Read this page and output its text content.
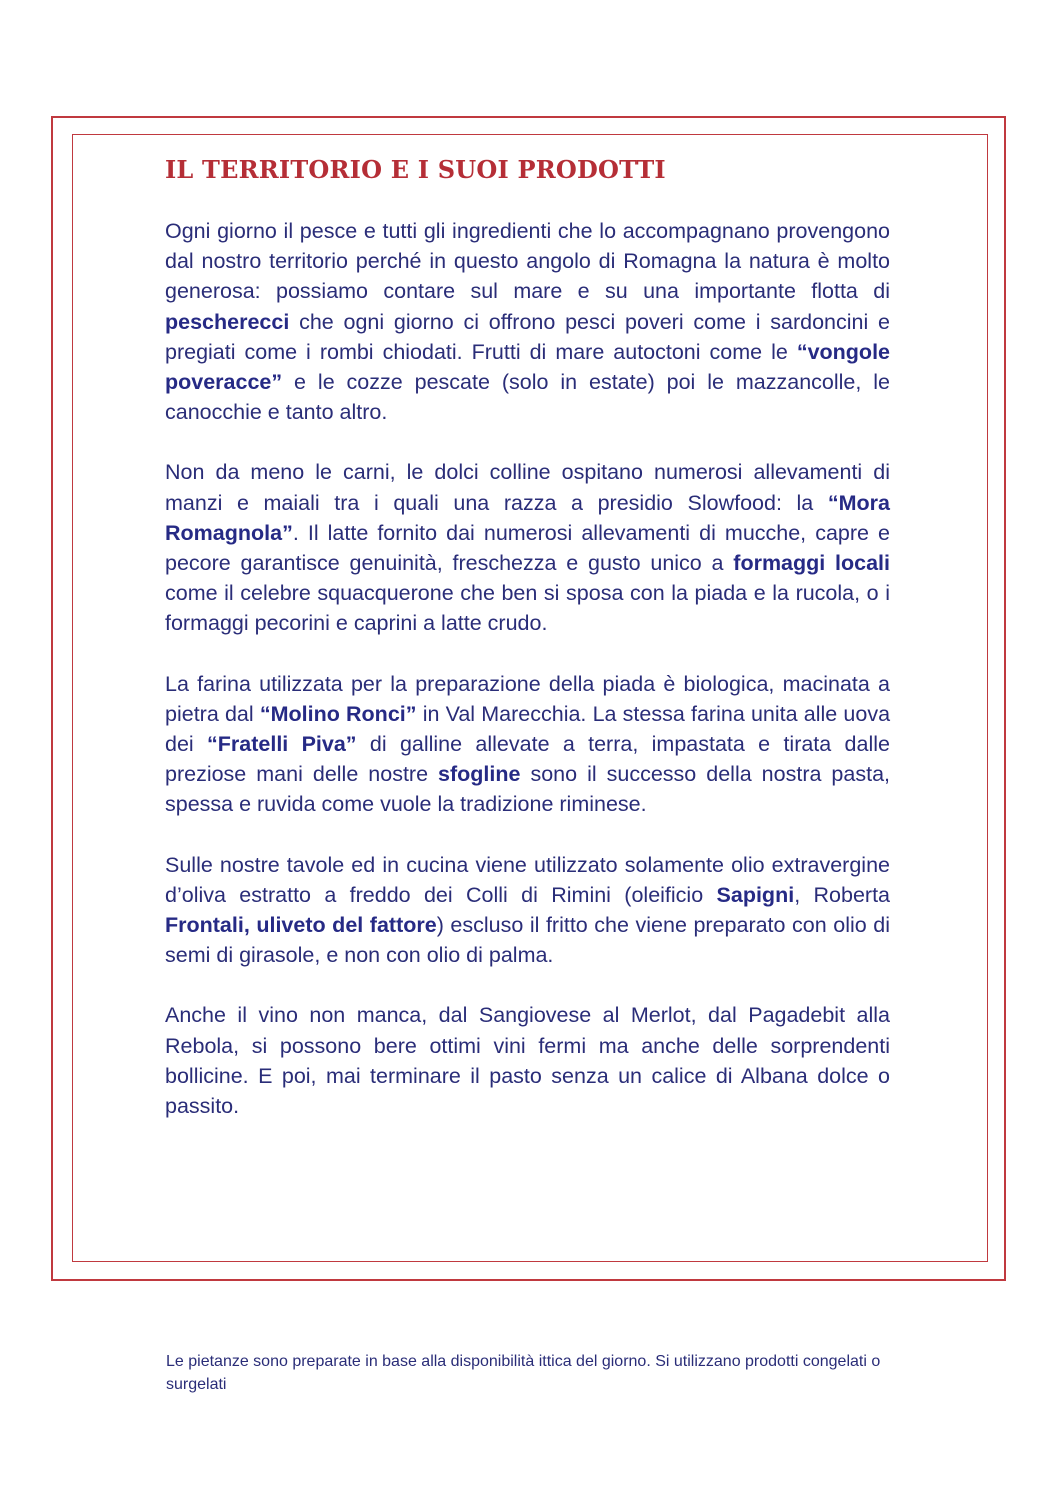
IL TERRITORIO E I SUOI PRODOTTI

Ogni giorno il pesce e tutti gli ingredienti che lo accompagnano provengono dal nostro territorio perché in questo angolo di Romagna la natura è molto generosa: possiamo contare sul mare e su una importante flotta di pescherecci che ogni giorno ci offrono pesci poveri come i sardoncini e pregiati come i rombi chiodati. Frutti di mare autoctoni come le “vongole poveracce” e le cozze pescate (solo in estate) poi le mazzancolle, le canocchie e tanto altro.

Non da meno le carni, le dolci colline ospitano numerosi allevamenti di manzi e maiali tra i quali una razza a presidio Slowfood: la “Mora Romagnola”. Il latte fornito dai numerosi allevamenti di mucche, capre e pecore garantisce genuinità, freschezza e gusto unico a formaggi locali come il celebre squacquerone che ben si sposa con la piada e la rucola, o i formaggi pecorini e caprini a latte crudo.

La farina utilizzata per la preparazione della piada è biologica, macinata a pietra dal “Molino Ronci” in Val Marecchia. La stessa farina unita alle uova dei “Fratelli Piva” di galline allevate a terra, impastata e tirata dalle preziose mani delle nostre sfogline sono il successo della nostra pasta, spessa e ruvida come vuole la tradizione riminese.

Sulle nostre tavole ed in cucina viene utilizzato solamente olio extravergine d’oliva estratto a freddo dei Colli di Rimini (oleificio Sapigni, Roberta Frontali, uliveto del fattore) escluso il fritto che viene preparato con olio di semi di girasole, e non con olio di palma.

Anche il vino non manca, dal Sangiovese al Merlot, dal Pagadebit alla Rebola, si possono bere ottimi vini fermi ma anche delle sorprendenti bollicine. E poi, mai terminare il pasto senza un calice di Albana dolce o passito.

Le pietanze sono preparate in base alla disponibilità ittica del giorno. Si utilizzano prodotti congelati o surgelati
